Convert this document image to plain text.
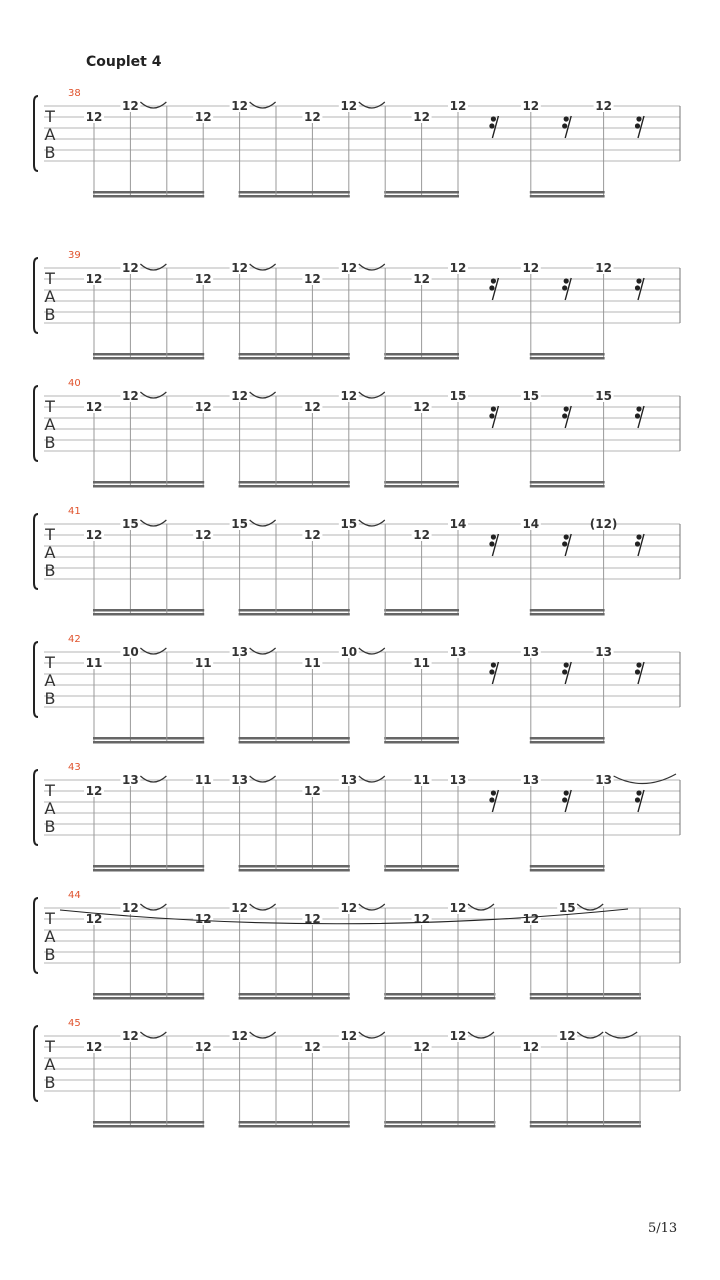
Couplet 4
T
A
B
38
12
12
12
12
12
12
12
12	12	12
T
A
B
39
12
12
12
12
12
12
12
12	12	12
T
A
B
40
12
12
12
12
12
12
12
15	15	15
T
A
B
41
12
15
12
15
12
15
12
14	14	(12)
T
A
B
42
11
10
11
13
11
10
11
13	13	13
T
A
B
43
12
13	11 13
12
13	11 13	13	13
T
A
B
44
12
12
12
12
12
12
12
12
12
15
T
A
B
45
12
12
12
12
12
12
12
12
12
12
5/13
